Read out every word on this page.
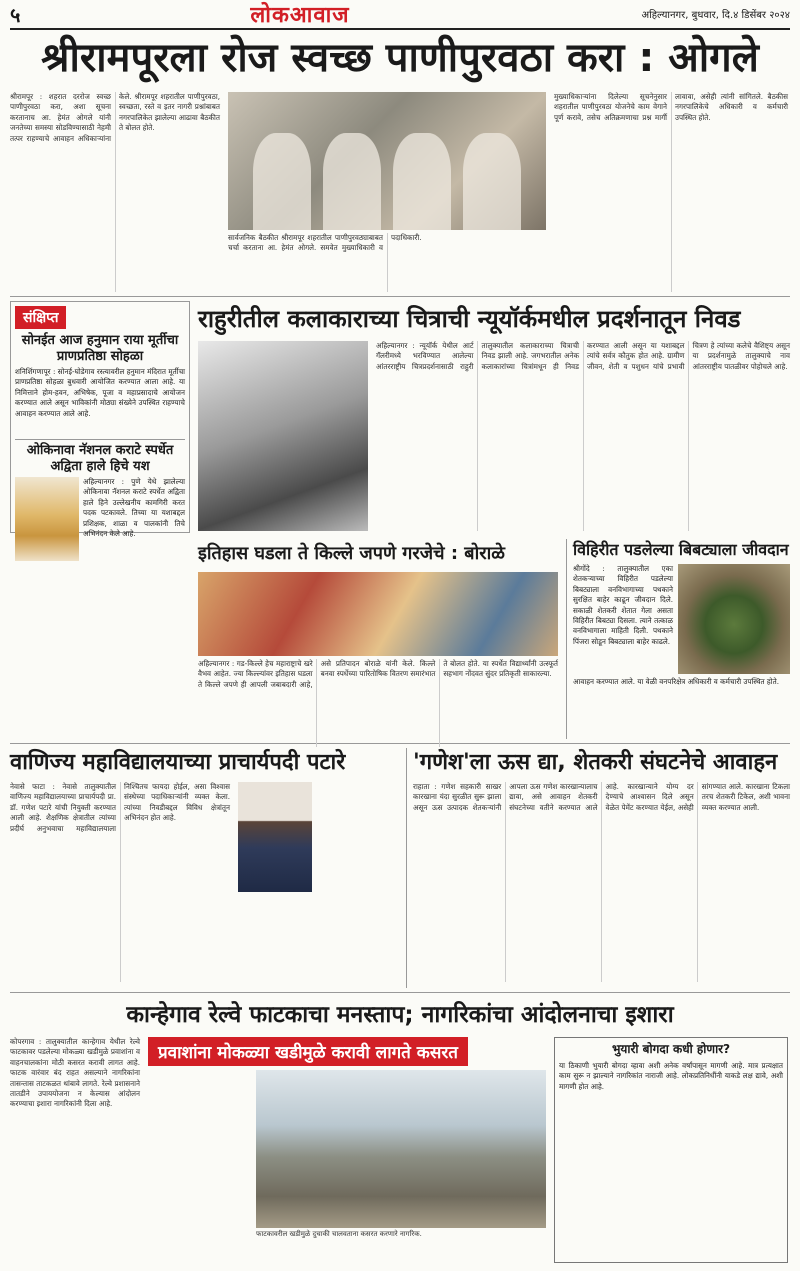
५	लोकआवाज	अहिल्यानगर, बुधवार, दि.४ डिसेंबर २०२४
श्रीरामपूरला रोज स्वच्छ पाणीपुरवठा करा : ओगले

श्रीरामपूर : शहरात दररोज स्वच्छ पाणीपुरवठा करा, अशा सूचना करतानाच आ. हेमंत ओगले यांनी जनतेच्या समस्या सोडविण्यासाठी नेहमी तत्पर राहण्याचे आवाहन अधिकाऱ्यांना केले. श्रीरामपूर शहरातील पाणीपुरवठा, स्वच्छता, रस्ते व इतर नागरी प्रश्नांबाबत नगरपालिकेत झालेल्या आढावा बैठकीत ते बोलत होते.

सार्वजनिक बैठकीत श्रीरामपूर शहरातील पाणीपुरवठ्याबाबत चर्चा करताना आ. हेमंत ओगले. समवेत मुख्याधिकारी व पदाधिकारी.

मुख्याधिकाऱ्यांना दिलेल्या सूचनेनुसार शहरातील पाणीपुरवठा योजनेचे काम वेगाने पूर्ण करावे, तसेच अतिक्रमणाचा प्रश्न मार्गी लावावा, असेही त्यांनी सांगितले. बैठकीस नगरपालिकेचे अधिकारी व कर्मचारी उपस्थित होते.

संक्षिप्त
सोनईत आज हनुमान राया मूर्तीचा प्राणप्रतिष्ठा सोहळा
शनिशिंगणापूर : सोनई-घोडेगाव रस्त्यावरील हनुमान मंदिरात मूर्तीचा प्राणप्रतिष्ठा सोहळा बुधवारी आयोजित करण्यात आला आहे. या निमित्ताने होम-हवन, अभिषेक, पूजा व महाप्रसादाचे आयोजन करण्यात आले असून भाविकांनी मोठ्या संख्येने उपस्थित राहण्याचे आवाहन करण्यात आले आहे.
ओकिनावा नॅशनल कराटे स्पर्धेत अद्विता हाले हिचे यश
अहिल्यानगर : पुणे येथे झालेल्या ओकिनावा नॅशनल कराटे स्पर्धेत अद्विता हाले हिने उल्लेखनीय कामगिरी करत पदक पटकावले. तिच्या या यशाबद्दल प्रशिक्षक, शाळा व पालकांनी तिचे अभिनंदन केले आहे.
राहुरीतील कलाकाराच्या चित्राची न्यूयॉर्कमधील प्रदर्शनातून निवड
अहिल्यानगर : न्यूयॉर्क येथील आर्ट गॅलरीमध्ये भरविण्यात आलेल्या आंतरराष्ट्रीय चित्रप्रदर्शनासाठी राहुरी तालुक्यातील कलाकाराच्या चित्राची निवड झाली आहे. जगभरातील अनेक कलाकारांच्या चित्रांमधून ही निवड करण्यात आली असून या यशाबद्दल त्यांचे सर्वत्र कौतुक होत आहे. ग्रामीण जीवन, शेती व पशुधन यांचे प्रभावी चित्रण हे त्यांच्या कलेचे वैशिष्ट्य असून या प्रदर्शनामुळे तालुक्याचे नाव आंतरराष्ट्रीय पातळीवर पोहोचले आहे.
इतिहास घडला ते किल्ले जपणे गरजेचे : बोराळे
अहिल्यानगर : गड-किल्ले हेच महाराष्ट्राचे खरे वैभव आहेत. ज्या किल्ल्यांवर इतिहास घडला ते किल्ले जपणे ही आपली जबाबदारी आहे, असे प्रतिपादन बोराळे यांनी केले. किल्ले बनवा स्पर्धेच्या पारितोषिक वितरण समारंभात ते बोलत होते. या स्पर्धेत विद्यार्थ्यांनी उत्स्फूर्त सहभाग नोंदवत सुंदर प्रतिकृती साकारल्या.
विहिरीत पडलेल्या बिबट्याला जीवदान
श्रीगोंदे : तालुक्यातील एका शेतकऱ्याच्या विहिरीत पडलेल्या बिबट्याला वनविभागाच्या पथकाने सुरक्षित बाहेर काढून जीवदान दिले. सकाळी शेतकरी शेतात गेला असता विहिरीत बिबट्या दिसला. त्याने तत्काळ वनविभागाला माहिती दिली. पथकाने पिंजरा सोडून बिबट्याला बाहेर काढले.
आवाहन करण्यात आले. या वेळी वनपरिक्षेत्र अधिकारी व कर्मचारी उपस्थित होते.
वाणिज्य महाविद्यालयाच्या प्राचार्यपदी पटारे
नेवासे फाटा : नेवासे तालुक्यातील वाणिज्य महाविद्यालयाच्या प्राचार्यपदी प्रा. डॉ. गणेश पटारे यांची नियुक्ती करण्यात आली आहे. शैक्षणिक क्षेत्रातील त्यांच्या प्रदीर्घ अनुभवाचा महाविद्यालयाला निश्चितच फायदा होईल, असा विश्वास संस्थेच्या पदाधिकाऱ्यांनी व्यक्त केला. त्यांच्या निवडीबद्दल विविध क्षेत्रांतून अभिनंदन होत आहे.
'गणेश'ला ऊस द्या, शेतकरी संघटनेचे आवाहन
राहाता : गणेश सहकारी साखर कारखाना यंदा सुरळीत सुरू झाला असून ऊस उत्पादक शेतकऱ्यांनी आपला ऊस गणेश कारखान्यालाच द्यावा, असे आवाहन शेतकरी संघटनेच्या वतीने करण्यात आले आहे. कारखान्याने योग्य दर देण्याचे आश्वासन दिले असून वेळेत पेमेंट करण्यात येईल, असेही सांगण्यात आले. कारखाना टिकला तरच शेतकरी टिकेल, अशी भावना व्यक्त करण्यात आली.
कान्हेगाव रेल्वे फाटकाचा मनस्ताप; नागरिकांचा आंदोलनाचा इशारा
कोपरगाव : तालुक्यातील कान्हेगाव येथील रेल्वे फाटकावर पडलेल्या मोकळ्या खडीमुळे प्रवाशांना व वाहनचालकांना मोठी कसरत करावी लागत आहे. फाटक वारंवार बंद राहत असल्याने नागरिकांना तासन्तास ताटकळत थांबावे लागते. रेल्वे प्रशासनाने तातडीने उपाययोजना न केल्यास आंदोलन करण्याचा इशारा नागरिकांनी दिला आहे.
प्रवाशांना मोकळ्या खडीमुळे करावी लागते कसरत
फाटकावरील खडीमुळे दुचाकी चालवताना कसरत करणारे नागरिक.
भुयारी बोगदा कधी होणार?
या ठिकाणी भुयारी बोगदा व्हावा अशी अनेक वर्षांपासून मागणी आहे. मात्र प्रत्यक्षात काम सुरू न झाल्याने नागरिकांत नाराजी आहे. लोकप्रतिनिधींनी याकडे लक्ष द्यावे, अशी मागणी होत आहे.
